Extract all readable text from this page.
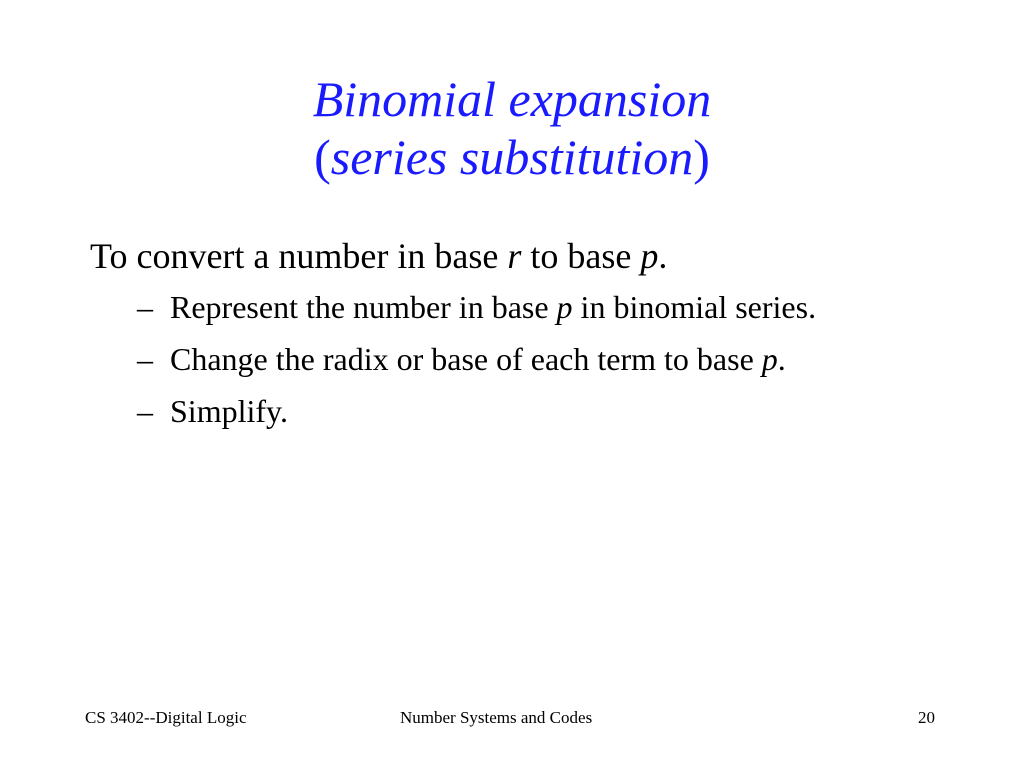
Binomial expansion
(series substitution)

To convert a number in base r to base p.

– Represent the number in base p in binomial series.
– Change the radix or base of each term to base p.
– Simplify.
CS 3402--Digital Logic	Number Systems and Codes	20
